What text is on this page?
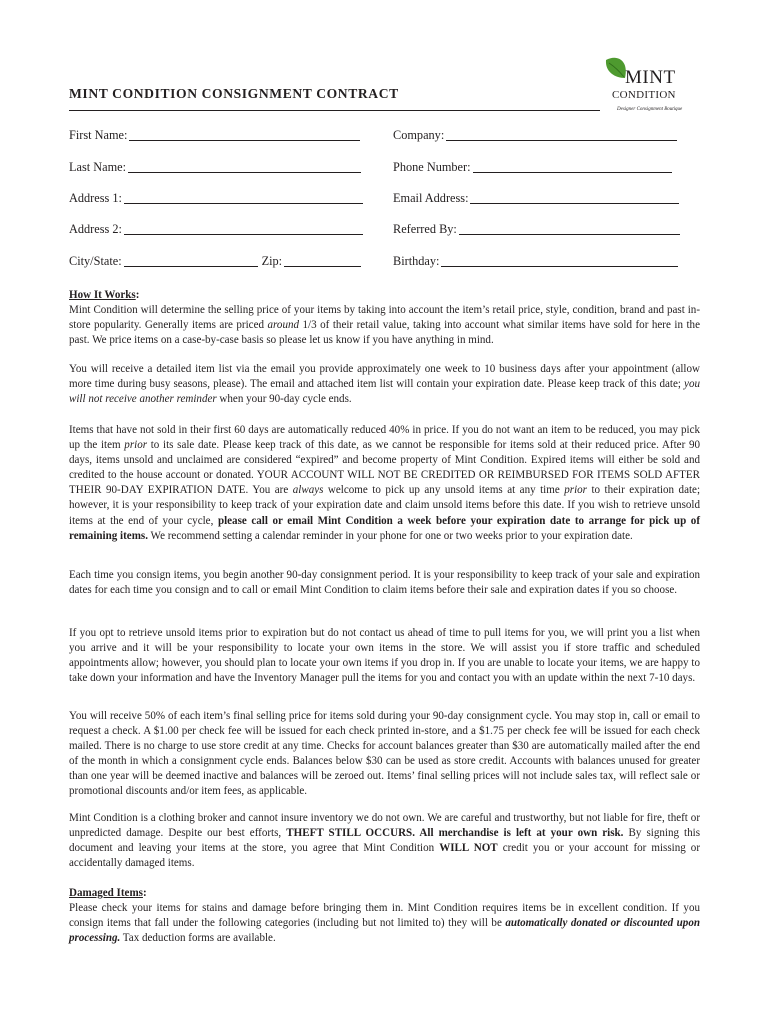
MINT CONDITION CONSIGNMENT CONTRACT
MINT
CONDITION
Designer Consignment Boutique
First Name:	Company:
Last Name:	Phone Number:
Address 1:	Email Address:
Address 2:	Referred By:
City/State:	Zip:	Birthday:

How It Works:
Mint Condition will determine the selling price of your items by taking into account the item’s retail price, style, condition, brand and past in-store popularity. Generally items are priced around 1/3 of their retail value, taking into account what similar items have sold for here in the past. We price items on a case-by-case basis so please let us know if you have anything in mind.

You will receive a detailed item list via the email you provide approximately one week to 10 business days after your appointment (allow more time during busy seasons, please). The email and attached item list will contain your expiration date. Please keep track of this date; you will not receive another reminder when your 90-day cycle ends.

Items that have not sold in their first 60 days are automatically reduced 40% in price. If you do not want an item to be reduced, you may pick up the item prior to its sale date. Please keep track of this date, as we cannot be responsible for items sold at their reduced price. After 90 days, items unsold and unclaimed are considered “expired” and become property of Mint Condition. Expired items will either be sold and credited to the house account or donated. YOUR ACCOUNT WILL NOT BE CREDITED OR REIMBURSED FOR ITEMS SOLD AFTER THEIR 90-DAY EXPIRATION DATE. You are always welcome to pick up any unsold items at any time prior to their expiration date; however, it is your responsibility to keep track of your expiration date and claim unsold items before this date. If you wish to retrieve unsold items at the end of your cycle, please call or email Mint Condition a week before your expiration date to arrange for pick up of remaining items. We recommend setting a calendar reminder in your phone for one or two weeks prior to your expiration date.

Each time you consign items, you begin another 90-day consignment period. It is your responsibility to keep track of your sale and expiration dates for each time you consign and to call or email Mint Condition to claim items before their sale and expiration dates if you so choose.

If you opt to retrieve unsold items prior to expiration but do not contact us ahead of time to pull items for you, we will print you a list when you arrive and it will be your responsibility to locate your own items in the store. We will assist you if store traffic and scheduled appointments allow; however, you should plan to locate your own items if you drop in. If you are unable to locate your items, we are happy to take down your information and have the Inventory Manager pull the items for you and contact you with an update within the next 7-10 days.

You will receive 50% of each item’s final selling price for items sold during your 90-day consignment cycle. You may stop in, call or email to request a check. A $1.00 per check fee will be issued for each check printed in-store, and a $1.75 per check fee will be issued for each check mailed. There is no charge to use store credit at any time. Checks for account balances greater than $30 are automatically mailed after the end of the month in which a consignment cycle ends. Balances below $30 can be used as store credit. Accounts with balances unused for greater than one year will be deemed inactive and balances will be zeroed out. Items’ final selling prices will not include sales tax, will reflect sale or promotional discounts and/or item fees, as applicable.

Mint Condition is a clothing broker and cannot insure inventory we do not own. We are careful and trustworthy, but not liable for fire, theft or unpredicted damage. Despite our best efforts, THEFT STILL OCCURS. All merchandise is left at your own risk. By signing this document and leaving your items at the store, you agree that Mint Condition WILL NOT credit you or your account for missing or accidentally damaged items.

Damaged Items:
Please check your items for stains and damage before bringing them in. Mint Condition requires items be in excellent condition. If you consign items that fall under the following categories (including but not limited to) they will be automatically donated or discounted upon processing. Tax deduction forms are available.
